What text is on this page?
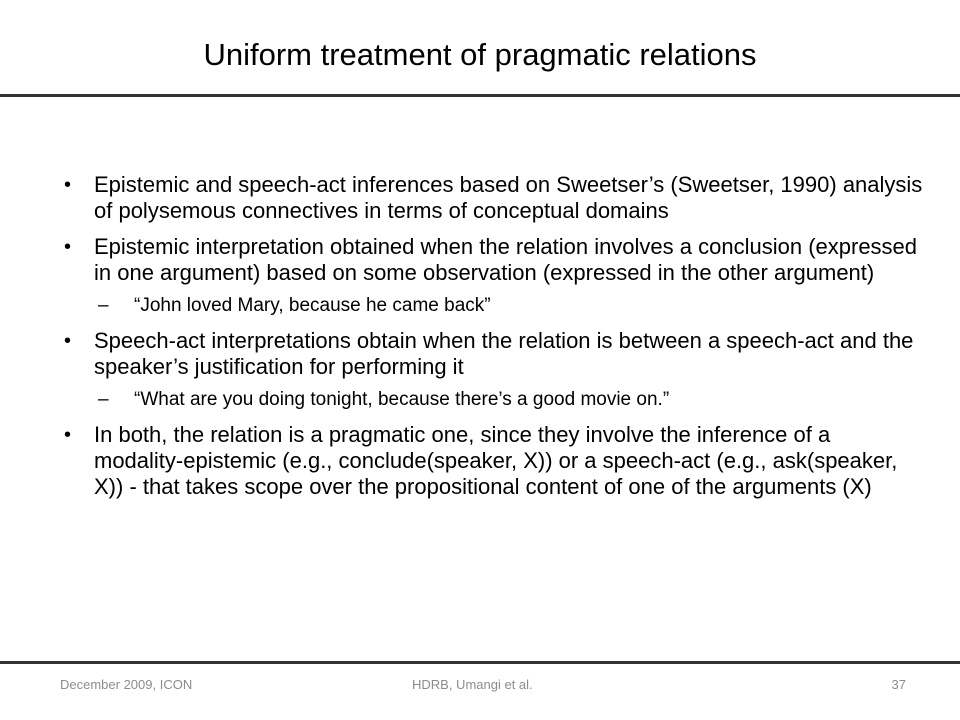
Uniform treatment of pragmatic relations
• Epistemic and speech-act inferences based on Sweetser’s (Sweetser, 1990) analysis of polysemous connectives in terms of conceptual domains
• Epistemic interpretation obtained when the relation involves a conclusion (expressed in one argument) based on some observation (expressed in the other argument)
– “John loved Mary, because he came back”
• Speech-act interpretations obtain when the relation is between a speech-act and the speaker’s justiﬁcation for performing it
– “What are you doing tonight, because there’s a good movie on.”
• In both, the relation is a pragmatic one, since they involve the inference of a modality-epistemic (e.g., conclude(speaker, X)) or a speech-act (e.g., ask(speaker, X)) - that takes scope over the propositional content of one of the arguments (X)
December 2009, ICON	HDRB, Umangi et al.	37
